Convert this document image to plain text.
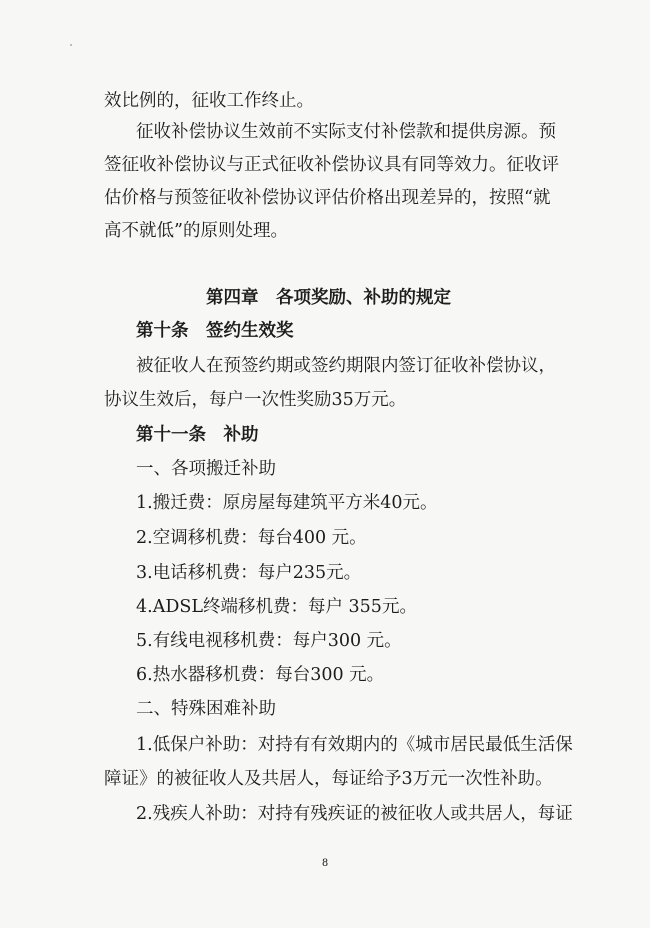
效比例的，征收工作终止。
征收补偿协议生效前不实际支付补偿款和提供房源。预
签征收补偿协议与正式征收补偿协议具有同等效力。征收评
估价格与预签征收补偿协议评估价格出现差异的，按照“就
高不就低”的原则处理。
第四章　各项奖励、补助的规定
第十条　签约生效奖
被征收人在预签约期或签约期限内签订征收补偿协议，
协议生效后，每户一次性奖励35万元。
第十一条　补助
一、各项搬迁补助
1.搬迁费：原房屋每建筑平方米40元。
2.空调移机费：每台400 元。
3.电话移机费：每户235元。
4.ADSL终端移机费：每户 355元。
5.有线电视移机费：每户300 元。
6.热水器移机费：每台300 元。
二、特殊困难补助
1.低保户补助：对持有有效期内的《城市居民最低生活保
障证》的被征收人及共居人，每证给予3万元一次性补助。
2.残疾人补助：对持有残疾证的被征收人或共居人，每证
8
